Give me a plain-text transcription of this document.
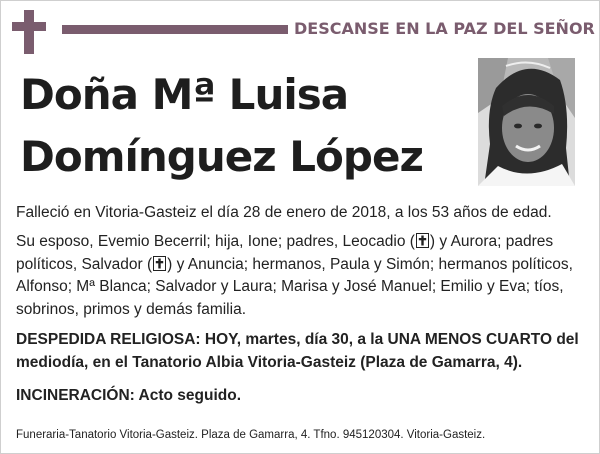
DESCANSE EN LA PAZ DEL SEÑOR
Doña Mª Luisa
Domínguez López
Falleció en Vitoria-Gasteiz el día 28 de enero de 2018, a los 53 años de edad.
Su esposo, Evemio Becerril; hija, Ione; padres, Leocadio ( ) y Aurora; padres políticos, Salvador ( ) y Anuncia; hermanos, Paula y Simón; hermanos políticos, Alfonso; Mª Blanca; Salvador y Laura; Marisa y José Manuel; Emilio y Eva; tíos, sobrinos, primos y demás familia.
DESPEDIDA RELIGIOSA: HOY, martes, día 30, a la UNA MENOS CUARTO del mediodía, en el Tanatorio Albia Vitoria-Gasteiz (Plaza de Gamarra, 4).
INCINERACIÓN: Acto seguido.
Funeraria-Tanatorio Vitoria-Gasteiz. Plaza de Gamarra, 4. Tfno. 945120304. Vitoria-Gasteiz.
